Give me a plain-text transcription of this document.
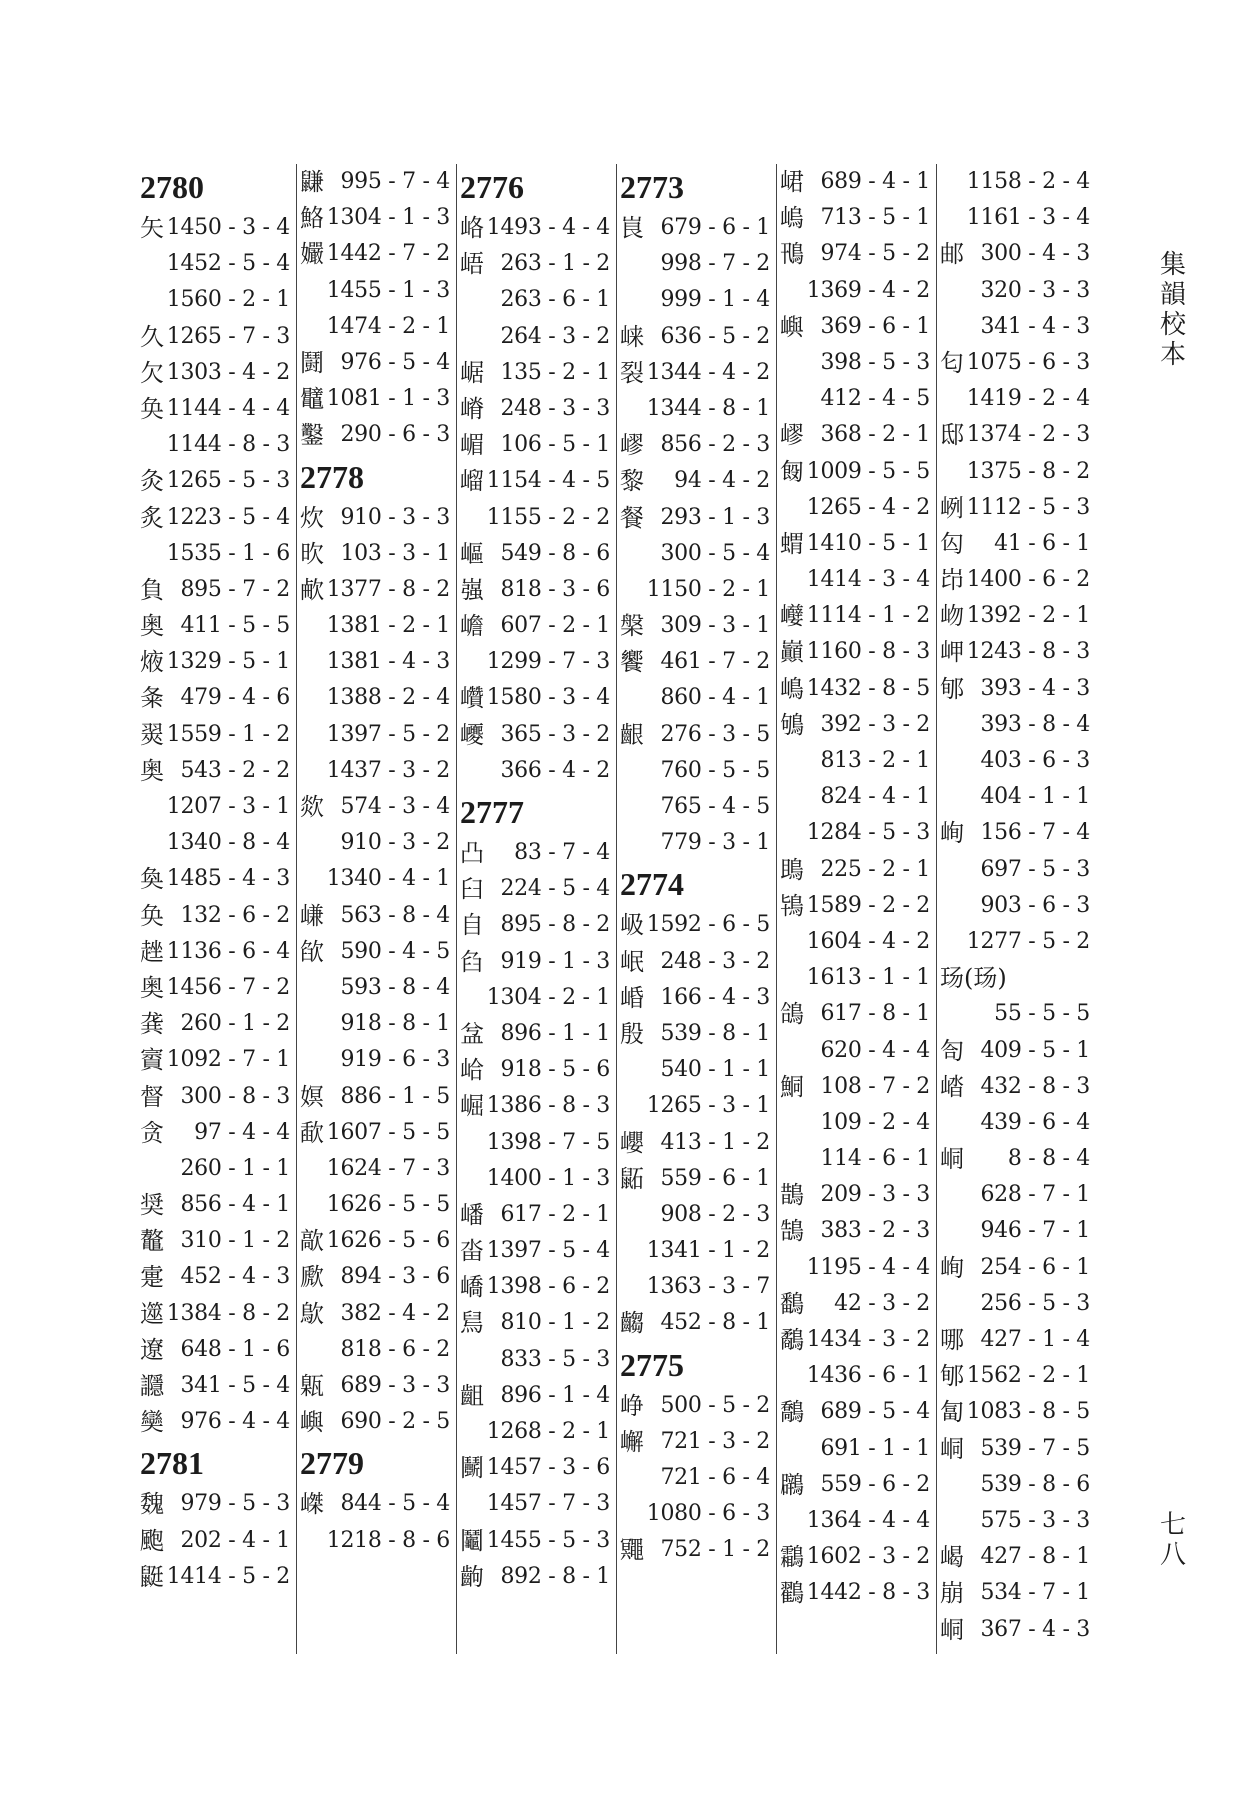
2780
矢 1450 - 3 - 4
1452 - 5 - 4
1560 - 2 - 1
久 1265 - 7 - 3
欠 1303 - 4 - 2
奂 1144 - 4 - 4
1144 - 8 - 3
灸 1265 - 5 - 3
炙 1223 - 5 - 4
1535 - 1 - 6
負 895 - 7 - 2
奥 411 - 5 - 5
焲 1329 - 5 - 1
夈 479 - 4 - 6
翜 1559 - 1 - 2
奥 543 - 2 - 2
1207 - 3 - 1
1340 - 8 - 4
奐 1485 - 4 - 3
奂 132 - 6 - 2
趖 1136 - 6 - 4
奥 1456 - 7 - 2
龚 260 - 1 - 2
賨 1092 - 7 - 1
督 300 - 8 - 3
贪 97 - 4 - 4
260 - 1 - 1
奨 856 - 4 - 1
鼇 310 - 1 - 2
疐 452 - 4 - 3
遾 1384 - 8 - 2
遼 648 - 1 - 6
讔 341 - 5 - 4
奱 976 - 4 - 4
2781
魏 979 - 5 - 3
颮 202 - 4 - 1
鼮 1414 - 5 - 2
鼸 995 - 7 - 4
鮥 1304 - 1 - 3
孍 1442 - 7 - 2
1455 - 1 - 3
1474 - 2 - 1
鬪 976 - 5 - 4
鼊 1081 - 1 - 3
鑿 290 - 6 - 3
2778
炊 910 - 3 - 3
欥 103 - 3 - 1
欳 1377 - 8 - 2
1381 - 2 - 1
1381 - 4 - 3
1388 - 2 - 4
1397 - 5 - 2
1437 - 3 - 2
欻 574 - 3 - 4
910 - 3 - 2
1340 - 4 - 1
嵰 563 - 8 - 4
欿 590 - 4 - 5
593 - 8 - 4
918 - 8 - 1
919 - 6 - 3
嫇 886 - 1 - 5
歃 1607 - 5 - 5
1624 - 7 - 3
1626 - 5 - 5
歊 1626 - 5 - 6
歋 894 - 3 - 6
歍 382 - 4 - 2
818 - 6 - 2
甈 689 - 3 - 3
嶼 690 - 2 - 5
2779
嵥 844 - 5 - 4
1218 - 8 - 6
2776
峈 1493 - 4 - 4
峿 263 - 1 - 2
263 - 6 - 1
264 - 3 - 2
崌 135 - 2 - 1
嵴 248 - 3 - 3
嵋 106 - 5 - 1
嵧 1154 - 4 - 5
1155 - 2 - 2
嶇 549 - 8 - 6
嵹 818 - 3 - 6
嶦 607 - 2 - 1
1299 - 7 - 3
巑 1580 - 3 - 4
巎 365 - 3 - 2
366 - 4 - 2
2777
凸 83 - 7 - 4
臼 224 - 5 - 4
自 895 - 8 - 2
臽 919 - 1 - 3
1304 - 2 - 1
㿽 896 - 1 - 1
峆 918 - 5 - 6
崛 1386 - 8 - 3
1398 - 7 - 5
1400 - 1 - 3
嶓 617 - 2 - 1
畓 1397 - 5 - 4
嶠 1398 - 6 - 2
舃 810 - 1 - 2
833 - 5 - 3
齟 896 - 1 - 4
1268 - 2 - 1
鬭 1457 - 3 - 6
1457 - 7 - 3
鬮 1455 - 5 - 3
齣 892 - 8 - 1
2773
峎 679 - 6 - 1
998 - 7 - 2
999 - 1 - 4
崃 636 - 5 - 2
裂 1344 - 4 - 2
1344 - 8 - 1
嵺 856 - 2 - 3
黎 94 - 4 - 2
餐 293 - 1 - 3
300 - 5 - 4
1150 - 2 - 1
槃 309 - 3 - 1
饗 461 - 7 - 2
860 - 4 - 1
齦 276 - 3 - 5
760 - 5 - 5
765 - 4 - 5
779 - 3 - 1
2774
岋 1592 - 6 - 5
岷 248 - 3 - 2
崏 166 - 4 - 3
殷 539 - 8 - 1
540 - 1 - 1
1265 - 3 - 1
巊 413 - 1 - 2
鼫 559 - 6 - 1
908 - 2 - 3
1341 - 1 - 2
1363 - 3 - 7
齺 452 - 8 - 1
2775
峥 500 - 5 - 2
嶰 721 - 3 - 2
721 - 6 - 4
1080 - 6 - 3
鼆 752 - 1 - 2
峮 689 - 4 - 1
嵨 713 - 5 - 1
鳵 974 - 5 - 2
1369 - 4 - 2
嶼 369 - 6 - 1
398 - 5 - 3
412 - 4 - 5
嵺 368 - 2 - 1
匓 1009 - 5 - 5
1265 - 4 - 2
蝟 1410 - 5 - 1
1414 - 3 - 4
巕 1114 - 1 - 2
巓 1160 - 8 - 3
嶋 1432 - 8 - 5
鴝 392 - 3 - 2
813 - 2 - 1
824 - 4 - 1
1284 - 5 - 3
鴡 225 - 2 - 1
鴇 1589 - 2 - 2
1604 - 4 - 2
1613 - 1 - 1
鴿 617 - 8 - 1
620 - 4 - 4
鮦 108 - 7 - 2
109 - 2 - 4
114 - 6 - 1
鵲 209 - 3 - 3
鵠 383 - 2 - 3
1195 - 4 - 4
鷭 42 - 3 - 2
鷸 1434 - 3 - 2
1436 - 6 - 1
鷮 689 - 5 - 4
691 - 1 - 1
鸊 559 - 6 - 2
1364 - 4 - 4
鸘 1602 - 3 - 2
鸐 1442 - 8 - 3
1158 - 2 - 4
1161 - 3 - 4
邮 300 - 4 - 3
320 - 3 - 3
341 - 4 - 3
匂 1075 - 6 - 3
1419 - 2 - 4
邸 1374 - 2 - 3
1375 - 8 - 2
峢 1112 - 5 - 3
匃 41 - 6 - 1
岇 1400 - 6 - 2
岉 1392 - 2 - 1
岬 1243 - 8 - 3
郇 393 - 4 - 3
393 - 8 - 4
403 - 6 - 3
404 - 1 - 1
峋 156 - 7 - 4
697 - 5 - 3
903 - 6 - 3
1277 - 5 - 2
玚(玚)
55 - 5 - 5
匌 409 - 5 - 1
崉 432 - 8 - 3
439 - 6 - 4
峒 8 - 8 - 4
628 - 7 - 1
946 - 7 - 1
峋 254 - 6 - 1
256 - 5 - 3
哪 427 - 1 - 4
郇 1562 - 2 - 1
匐 1083 - 8 - 5
峒 539 - 7 - 5
539 - 8 - 6
575 - 3 - 3
嵑 427 - 8 - 1
崩 534 - 7 - 1
峒 367 - 4 - 3
集韻校本
七八
